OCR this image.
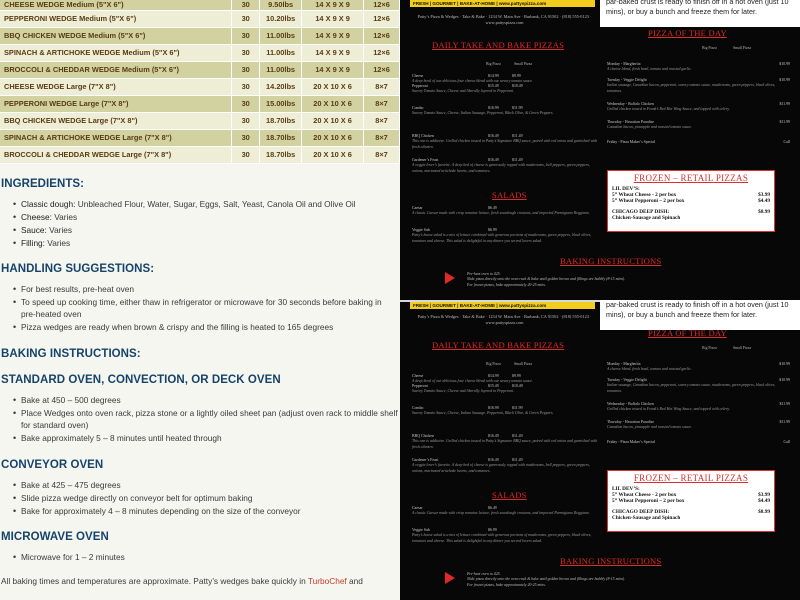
CHEESE WEDGE Medium (5"X 6")	30	9.50lbs	14 X 9 X 9	12×6
PEPPERONI WEDGE Medium (5"X 6")	30	10.20lbs	14 X 9 X 9	12×6
BBQ CHICKEN WEDGE Medium (5"X 6")	30	11.00lbs	14 X 9 X 9	12×6
SPINACH & ARTICHOKE WEDGE Medium (5"X 6")	30	11.00lbs	14 X 9 X 9	12×6
BROCCOLI & CHEDDAR WEDGE Medium (5"X 6")	30	11.00lbs	14 X 9 X 9	12×6
CHEESE WEDGE Large (7"X 8")	30	14.20lbs	20 X 10 X 6	8×7
PEPPERONI WEDGE Large (7"X 8")	30	15.00lbs	20 X 10 X 6	8×7
BBQ CHICKEN WEDGE Large (7"X 8")	30	18.70lbs	20 X 10 X 6	8×7
SPINACH & ARTICHOKE WEDGE Large (7"X 8")	30	18.70lbs	20 X 10 X 6	8×7
BROCCOLI & CHEDDAR WEDGE Large (7"X 8")	30	18.70lbs	20 X 10 X 6	8×7
INGREDIENTS:
• Classic dough: Unbleached Flour, Water, Sugar, Eggs, Salt, Yeast, Canola Oil and Olive Oil
• Cheese: Varies
• Sauce: Varies
• Filling: Varies
HANDLING SUGGESTIONS:
• For best results, pre-heat oven
• To speed up cooking time, either thaw in refrigerator or microwave for 30 seconds before baking in pre-heated oven
• Pizza wedges are ready when brown & crispy and the filling is heated to 165 degrees
BAKING INSTRUCTIONS:
STANDARD OVEN, CONVECTION, OR DECK OVEN
• Bake at 450 – 500 degrees
• Place Wedges onto oven rack, pizza stone or a lightly oiled sheet pan (adjust oven rack to middle shelf for standard oven)
• Bake approximately 5 – 8 minutes until heated through
CONVEYOR OVEN
• Bake at 425 – 475 degrees
• Slide pizza wedge directly on conveyor belt for optimum baking
• Bake for approximately 4 – 8 minutes depending on the size of the conveyor
MICROWAVE OVEN
• Microwave for 1 – 2 minutes

All baking times and temperatures are approximate. Patty’s wedges bake quickly in TurboChef and

FRESH | GOURMET | BAKE-AT-HOME | www.pattyspizza.com	par-baked crust is ready to finish off in a hot oven (just 10 mins), or buy a bunch and freeze them for later.
Patty’s Pizza & Wedges · Take & Bake · 1234 W. Main Ave · Burbank, CA 91502 · (818) 555-0123 · www.pattyspizza.com
DAILY TAKE AND BAKE PIZZAS
Big Pizza	Small Pizza
Cheese	$14.99	$9.99
A deep bowl of our delicious four cheese blend with our savory tomato sauce.
Pepperoni	$15.49	$10.49
Savory Tomato Sauce, Cheese and liberally layered in Pepperoni.
Combo	$16.99	$11.99
Savory Tomato Sauce, Cheese, Italian Sausage, Pepperoni, Black Olive, & Green Peppers.
BBQ Chicken	$16.49	$11.49
This one is addictive. Grilled chicken tossed in Patty’s Signature BBQ sauce, paired with red onion and garnished with fresh cilantro.
Gardener’s Feast	$16.49	$11.49
A veggie lover’s favorite. A deep bed of cheese is generously topped with mushrooms, bell peppers, green peppers, onions, marinated artichoke hearts, and tomatoes.
SALADS
Caesar	$6.49
A classic Caesar made with crisp romaine lettuce, fresh sourdough croutons, and imported Parmigiano Reggiano.
Veggie Sub	$6.99
Patty’s house salad is a mix of lettuce combined with generous portions of mushrooms, green peppers, black olives, tomatoes and cheese. This salad is delightful in any dinner you served lovers salad.
PIZZA OF THE DAY
Big Pizza	Small Pizza
Monday - Margherita	$10.99
A cheese blend, fresh basil, tomato and roasted garlic.
Tuesday - Veggie Delight	$10.99
Italian sausage, Canadian bacon, pepperoni, savory tomato sauce, mushrooms, green peppers, black olives, tomatoes.
Wednesday - Buffalo Chicken	$11.99
Grilled chicken tossed in Frank’s Red Hot Wing Sauce, and topped with celery.
Thursday - Hawaiian Paradise	$11.99
Canadian bacon, pineapple and roasted tomato sauce.
Friday - Pizza Maker’s Special	Call
FROZEN – RETAIL PIZZAS
LIL DEV’S:
5” Wheat Cheese - 2 per box	$3.99
5” Wheat Pepperoni – 2 per box	$4.49
CHICAGO DEEP DISH:	$8.99
Chicken-Sausage and Spinach
BAKING INSTRUCTIONS
Pre-heat oven to 425.
Slide pizza directly onto the oven rack & bake until golden brown and fillings are bubbly (8-15 mins).
For frozen pizzas, bake approximately 20-25 mins.
FRESH | GOURMET | BAKE-AT-HOME | www.pattyspizza.com	par-baked crust is ready to finish off in a hot oven (just 10 mins), or buy a bunch and freeze them for later.
Patty’s Pizza & Wedges · Take & Bake · 1234 W. Main Ave · Burbank, CA 91502 · (818) 555-0123 · www.pattyspizza.com
DAILY TAKE AND BAKE PIZZAS
Big Pizza	Small Pizza
Cheese	$14.99	$9.99
A deep bowl of our delicious four cheese blend with our savory tomato sauce.
Pepperoni	$15.49	$10.49
Savory Tomato Sauce, Cheese and liberally layered in Pepperoni.
Combo	$16.99	$11.99
Savory Tomato Sauce, Cheese, Italian Sausage, Pepperoni, Black Olive, & Green Peppers.
BBQ Chicken	$16.49	$11.49
This one is addictive. Grilled chicken tossed in Patty’s Signature BBQ sauce, paired with red onion and garnished with fresh cilantro.
Gardener’s Feast	$16.49	$11.49
A veggie lover’s favorite. A deep bed of cheese is generously topped with mushrooms, bell peppers, green peppers, onions, marinated artichoke hearts, and tomatoes.
SALADS
Caesar	$6.49
A classic Caesar made with crisp romaine lettuce, fresh sourdough croutons, and imported Parmigiano Reggiano.
Veggie Sub	$6.99
Patty’s house salad is a mix of lettuce combined with generous portions of mushrooms, green peppers, black olives, tomatoes and cheese. This salad is delightful in any dinner you served lovers salad.
PIZZA OF THE DAY
Big Pizza	Small Pizza
Monday - Margherita	$10.99
A cheese blend, fresh basil, tomato and roasted garlic.
Tuesday - Veggie Delight	$10.99
Italian sausage, Canadian bacon, pepperoni, savory tomato sauce, mushrooms, green peppers, black olives, tomatoes.
Wednesday - Buffalo Chicken	$11.99
Grilled chicken tossed in Frank’s Red Hot Wing Sauce, and topped with celery.
Thursday - Hawaiian Paradise	$11.99
Canadian bacon, pineapple and roasted tomato sauce.
Friday - Pizza Maker’s Special	Call
FROZEN – RETAIL PIZZAS
LIL DEV’S:
5” Wheat Cheese - 2 per box	$3.99
5” Wheat Pepperoni – 2 per box	$4.49
CHICAGO DEEP DISH:	$8.99
Chicken-Sausage and Spinach
BAKING INSTRUCTIONS
Pre-heat oven to 425.
Slide pizza directly onto the oven rack & bake until golden brown and fillings are bubbly (8-15 mins).
For frozen pizzas, bake approximately 20-25 mins.
